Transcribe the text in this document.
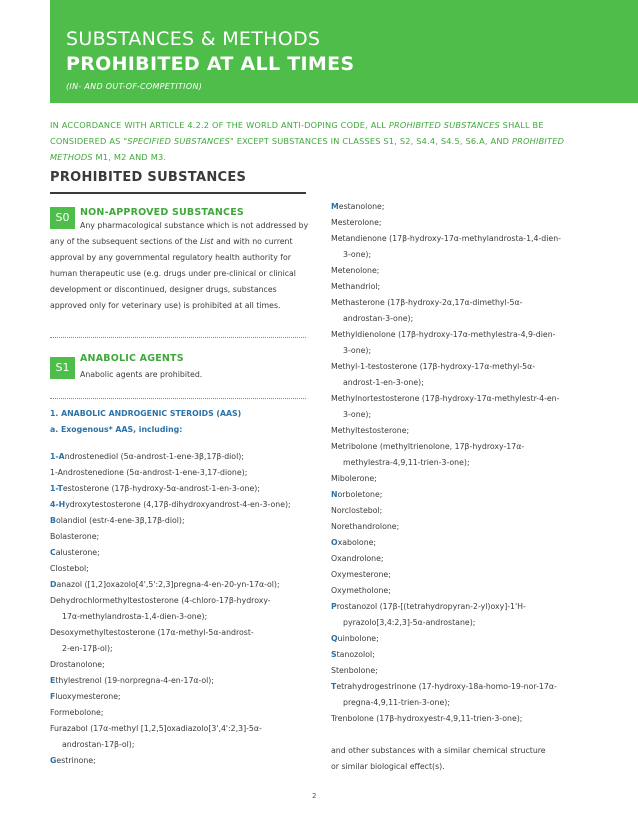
SUBSTANCES & METHODS
PROHIBITED AT ALL TIMES
(IN- AND OUT-OF-COMPETITION)
IN ACCORDANCE WITH ARTICLE 4.2.2 OF THE WORLD ANTI-DOPING CODE, ALL PROHIBITED SUBSTANCES SHALL BE CONSIDERED AS "SPECIFIED SUBSTANCES" EXCEPT SUBSTANCES IN CLASSES S1, S2, S4.4, S4.5, S6.A, AND PROHIBITED METHODS M1, M2 AND M3.
PROHIBITED SUBSTANCES
S0	NON-APPROVED SUBSTANCES
Any pharmacological substance which is not addressed by any of the subsequent sections of the List and with no current approval by any governmental regulatory health authority for human therapeutic use (e.g. drugs under pre-clinical or clinical development or discontinued, designer drugs, substances approved only for veterinary use) is prohibited at all times.
S1
ANABOLIC AGENTS
Anabolic agents are prohibited.
1. ANABOLIC ANDROGENIC STEROIDS (AAS)
a. Exogenous* AAS, including:
1-Androstenediol (5α-androst-1-ene-3β,17β-diol);
1-Androstenedione (5α-androst-1-ene-3,17-dione);
1-Testosterone (17β-hydroxy-5α-androst-1-en-3-one);
4-Hydroxytestosterone (4,17β-dihydroxyandrost-4-en-3-one);
Bolandiol (estr-4-ene-3β,17β-diol);
Bolasterone;
Calusterone;
Clostebol;
Danazol ([1,2]oxazolo[4',5':2,3]pregna-4-en-20-yn-17α-ol);
Dehydrochlormethyltestosterone (4-chloro-17β-hydroxy-
17α-methylandrosta-1,4-dien-3-one);
Desoxymethyltestosterone (17α-methyl-5α-androst-
2-en-17β-ol);
Drostanolone;
Ethylestrenol (19-norpregna-4-en-17α-ol);
Fluoxymesterone;
Formebolone;
Furazabol (17α-methyl [1,2,5]oxadiazolo[3',4':2,3]-5α-
androstan-17β-ol);
Gestrinone;
Mestanolone;
Mesterolone;
Metandienone (17β-hydroxy-17α-methylandrosta-1,4-dien-
3-one);
Metenolone;
Methandriol;
Methasterone (17β-hydroxy-2α,17α-dimethyl-5α-
androstan-3-one);
Methyldienolone (17β-hydroxy-17α-methylestra-4,9-dien-
3-one);
Methyl-1-testosterone (17β-hydroxy-17α-methyl-5α-
androst-1-en-3-one);
Methylnortestosterone (17β-hydroxy-17α-methylestr-4-en-
3-one);
Methyltestosterone;
Metribolone (methyltrienolone, 17β-hydroxy-17α-
methylestra-4,9,11-trien-3-one);
Mibolerone;
Norboletone;
Norclostebol;
Norethandrolone;
Oxabolone;
Oxandrolone;
Oxymesterone;
Oxymetholone;
Prostanozol (17β-[(tetrahydropyran-2-yl)oxy]-1'H-
pyrazolo[3,4:2,3]-5α-androstane);
Quinbolone;
Stanozolol;
Stenbolone;
Tetrahydrogestrinone (17-hydroxy-18a-homo-19-nor-17α-
pregna-4,9,11-trien-3-one);
Trenbolone (17β-hydroxyestr-4,9,11-trien-3-one);
and other substances with a similar chemical structure
or similar biological effect(s).
2
